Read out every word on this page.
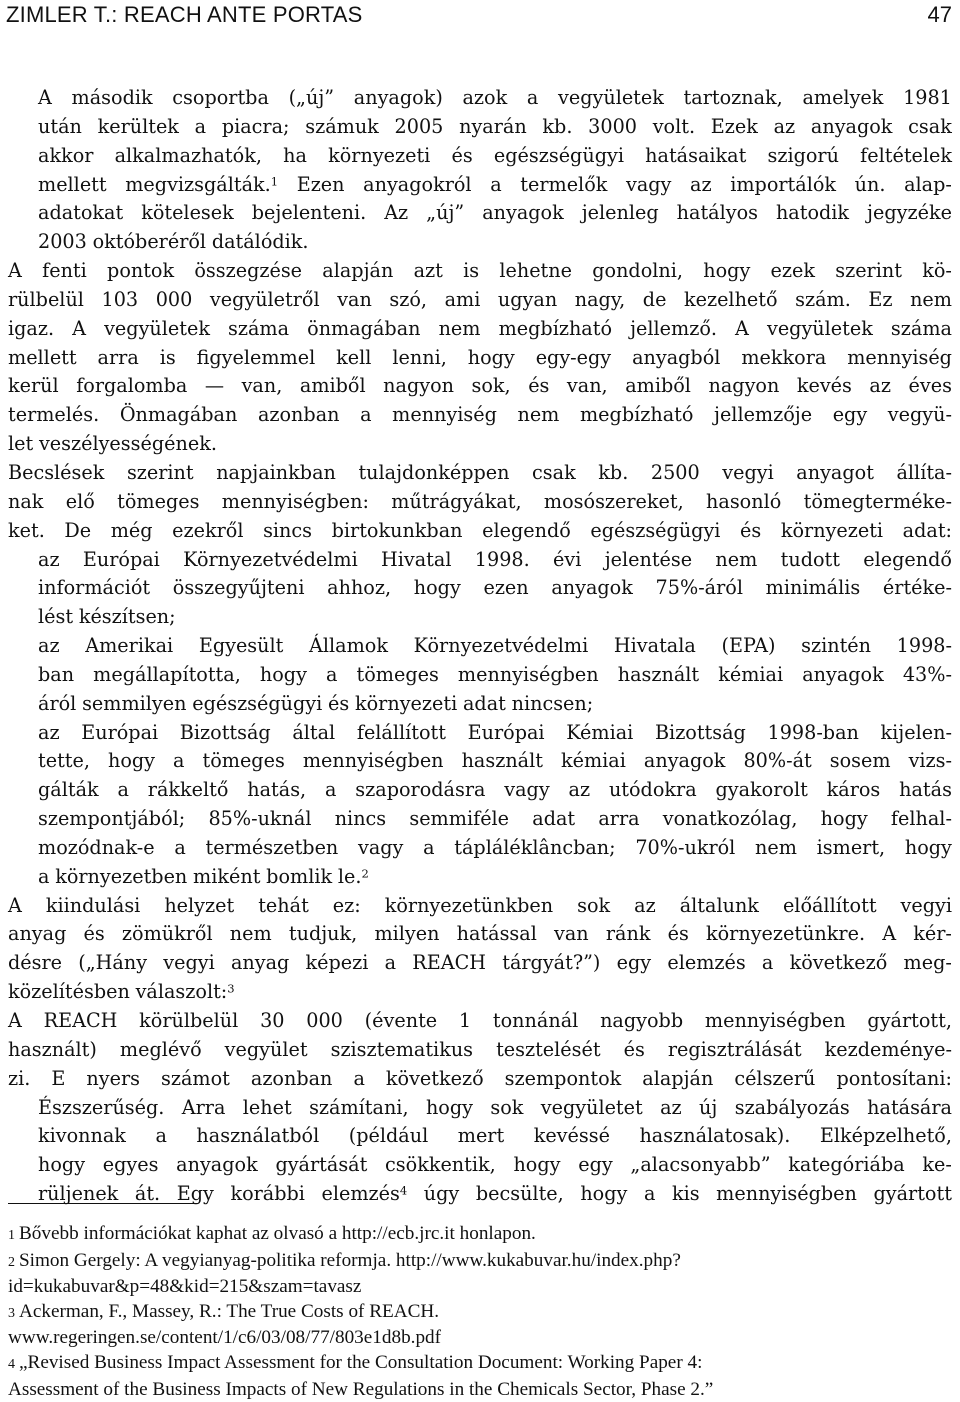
ZIMLER T.: REACH ANTE PORTAS	47
•
A második csoportba („új” anyagok) azok a vegyületek tartoznak, amelyek 1981
után kerültek a piacra; számuk 2005 nyarán kb. 3000 volt. Ezek az anyagok csak
akkor alkalmazhatók, ha környezeti és egészségügyi hatásaikat szigorú feltételek
mellett megvizsgálták.$^1$ Ezen anyagokról a termelők vagy az importálók ún. alap-
adatokat kötelesek bejelenteni. Az „új” anyagok jelenleg hatályos hatodik jegyzéke
2003 októberéről datálódik.
A fenti pontok összegzése alapján azt is lehetne gondolni, hogy ezek szerint kö-
rülbelül 103 000 vegyületről van szó, ami ugyan nagy, de kezelhető szám. Ez nem
igaz. A vegyületek száma önmagában nem megbízható jellemző. A vegyületek száma
mellett arra is figyelemmel kell lenni, hogy egy-egy anyagból mekkora mennyiség
kerül forgalomba — van, amiből nagyon sok, és van, amiből nagyon kevés az éves
termelés. Önmagában azonban a mennyiség nem megbízható jellemzője egy vegyü-
let veszélyességének.
Becslések szerint napjainkban tulajdonképpen csak kb. 2500 vegyi anyagot állíta-
nak elő tömeges mennyiségben: műtrágyákat, mosószereket, hasonló tömegterméke-
ket. De még ezekről sincs birtokunkban elegendő egészségügyi és környezeti adat:
•
az Európai Környezetvédelmi Hivatal 1998. évi jelentése nem tudott elegendő
információt összegyűjteni ahhoz, hogy ezen anyagok 75%-áról minimális értéke-
lést készítsen;
•
az Amerikai Egyesült Államok Környezetvédelmi Hivatala (EPA) szintén 1998-
ban megállapította, hogy a tömeges mennyiségben használt kémiai anyagok 43%-
áról semmilyen egészségügyi és környezeti adat nincsen;
•
az Európai Bizottság által felállított Európai Kémiai Bizottság 1998-ban kijelen-
tette, hogy a tömeges mennyiségben használt kémiai anyagok 80%-át sosem vizs-
gálták a rákkeltő hatás, a szaporodásra vagy az utódokra gyakorolt káros hatás
szempontjából; 85%-uknál nincs semmiféle adat arra vonatkozólag, hogy felhal-
mozódnak-e a természetben vagy a tápláléklâncban; 70%-ukról nem ismert, hogy
a környezetben miként bomlik le.$^2$
A kiindulási helyzet tehát ez: környezetünkben sok az általunk előállított vegyi
anyag és zömükről nem tudjuk, milyen hatással van ránk és környezetünkre. A kér-
désre („Hány vegyi anyag képezi a REACH tárgyát?”) egy elemzés a következő meg-
közelítésben válaszolt:$^3$
A REACH körülbelül 30 000 (évente 1 tonnánál nagyobb mennyiségben gyártott,
használt) meglévő vegyület szisztematikus tesztelését és regisztrálását kezdeménye-
zi. E nyers számot azonban a következő szempontok alapján célszerű pontosítani:
•
Észszerűség. Arra lehet számítani, hogy sok vegyületet az új szabályozás hatására
kivonnak a használatból (például mert kevéssé használatosak). Elképzelhető,
hogy egyes anyagok gyártását csökkentik, hogy egy „alacsonyabb” kategóriába ke-
rüljenek át. Egy korábbi elemzés$^4$ úgy becsülte, hogy a kis mennyiségben gyártott
1 Bővebb információkat kaphat az olvasó a http://ecb.jrc.it honlapon.
2 Simon Gergely: A vegyianyag-politika reformja. http://www.kukabuvar.hu/index.php?
id=kukabuvar&p=48&kid=215&szam=tavasz
3 Ackerman, F., Massey, R.: The True Costs of REACH.
www.regeringen.se/content/1/c6/03/08/77/803e1d8b.pdf
4 „Revised Business Impact Assessment for the Consultation Document: Working Paper 4:
Assessment of the Business Impacts of New Regulations in the Chemicals Sector, Phase 2.”
